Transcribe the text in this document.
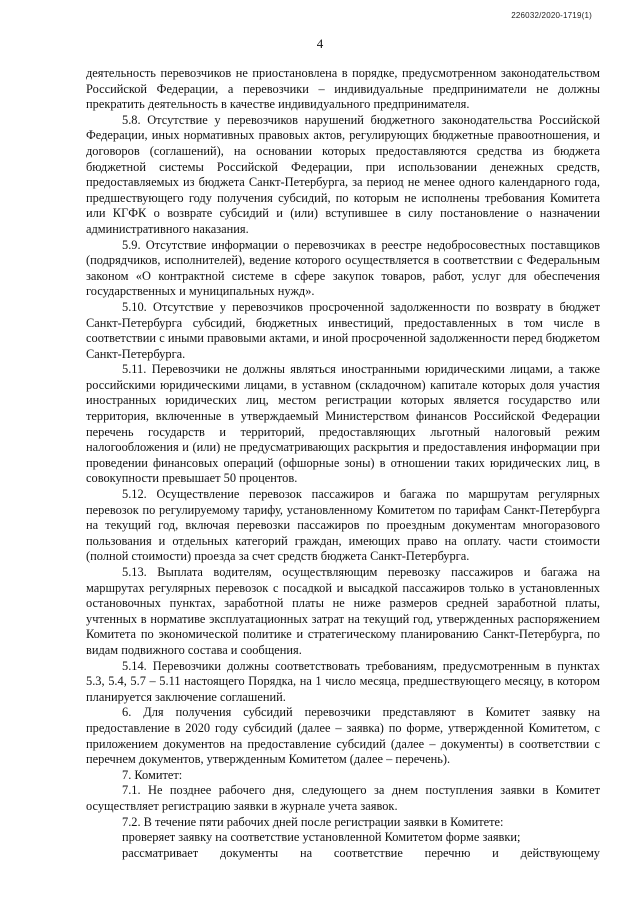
226032/2020-1719(1)
4

деятельность перевозчиков не приостановлена в порядке, предусмотренном законодательством Российской Федерации, а перевозчики – индивидуальные предприниматели не должны прекратить деятельность в качестве индивидуального предпринимателя.

5.8. Отсутствие у перевозчиков нарушений бюджетного законодательства Российской Федерации, иных нормативных правовых актов, регулирующих бюджетные правоотношения, и договоров (соглашений), на основании которых предоставляются средства из бюджета бюджетной системы Российской Федерации, при использовании денежных средств, предоставляемых из бюджета Санкт-Петербурга, за период не менее одного календарного года, предшествующего году получения субсидий, по которым не исполнены требования Комитета или КГФК о возврате субсидий и (или) вступившее в силу постановление о назначении административного наказания.

5.9. Отсутствие информации о перевозчиках в реестре недобросовестных поставщиков (подрядчиков, исполнителей), ведение которого осуществляется в соответствии с Федеральным законом «О контрактной системе в сфере закупок товаров, работ, услуг для обеспечения государственных и муниципальных нужд».

5.10. Отсутствие у перевозчиков просроченной задолженности по возврату в бюджет Санкт-Петербурга субсидий, бюджетных инвестиций, предоставленных в том числе в соответствии с иными правовыми актами, и иной просроченной задолженности перед бюджетом Санкт-Петербурга.

5.11. Перевозчики не должны являться иностранными юридическими лицами, а также российскими юридическими лицами, в уставном (складочном) капитале которых доля участия иностранных юридических лиц, местом регистрации которых является государство или территория, включенные в утверждаемый Министерством финансов Российской Федерации перечень государств и территорий, предоставляющих льготный налоговый режим налогообложения и (или) не предусматривающих раскрытия и предоставления информации при проведении финансовых операций (офшорные зоны) в отношении таких юридических лиц, в совокупности превышает 50 процентов.

5.12. Осуществление перевозок пассажиров и багажа по маршрутам регулярных перевозок по регулируемому тарифу, установленному Комитетом по тарифам Санкт-Петербурга на текущий год, включая перевозки пассажиров по проездным документам многоразового пользования и отдельных категорий граждан, имеющих право на оплату. части стоимости (полной стоимости) проезда за счет средств бюджета Санкт-Петербурга.

5.13. Выплата водителям, осуществляющим перевозку пассажиров и багажа на маршрутах регулярных перевозок с посадкой и высадкой пассажиров только в установленных остановочных пунктах, заработной платы не ниже размеров средней заработной платы, учтенных в нормативе эксплуатационных затрат на текущий год, утвержденных распоряжением Комитета по экономической политике и стратегическому планированию Санкт-Петербурга, по видам подвижного состава и сообщения.

5.14. Перевозчики должны соответствовать требованиям, предусмотренным в пунктах 5.3, 5.4, 5.7 – 5.11 настоящего Порядка, на 1 число месяца, предшествующего месяцу, в котором планируется заключение соглашений.

6. Для получения субсидий перевозчики представляют в Комитет заявку на предоставление в 2020 году субсидий (далее – заявка) по форме, утвержденной Комитетом, с приложением документов на предоставление субсидий (далее – документы) в соответствии с перечнем документов, утвержденным Комитетом (далее – перечень).

7. Комитет:

7.1. Не позднее рабочего дня, следующего за днем поступления заявки в Комитет осуществляет регистрацию заявки в журнале учета заявок.

7.2. В течение пяти рабочих дней после регистрации заявки в Комитете:

проверяет заявку на соответствие установленной Комитетом форме заявки;

рассматривает документы на соответствие перечню и действующему
